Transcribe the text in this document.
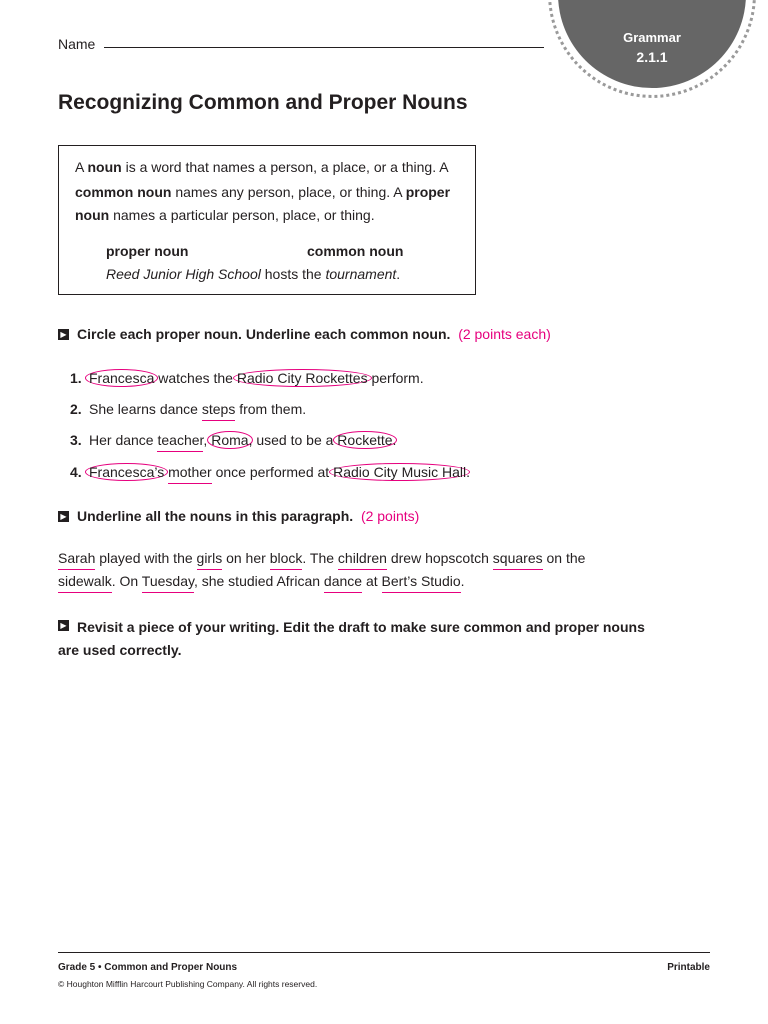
Name	Grammar
2.1.1
Recognizing Common and Proper Nouns
A noun is a word that names a person, a place, or a thing. A
common noun names any person, place, or thing. A proper
noun names a particular person, place, or thing.
proper noun	common noun
Reed Junior High School hosts the tournament.
▶ Circle each proper noun. Underline each common noun. (2 points each)
1. Francesca watches the Radio City Rockettes perform.
2. She learns dance steps from them.
3. Her dance teacher, Roma, used to be a Rockette.
4. Francesca’s mother once performed at Radio City Music Hall.
▶ Underline all the nouns in this paragraph. (2 points)
Sarah played with the girls on her block. The children drew hopscotch squares on the
sidewalk. On Tuesday, she studied African dance at Bert’s Studio.
▶ Revisit a piece of your writing. Edit the draft to make sure common and proper nouns are used correctly.
Grade 5 • Common and Proper Nouns
© Houghton Mifflin Harcourt Publishing Company. All rights reserved.
Printable
